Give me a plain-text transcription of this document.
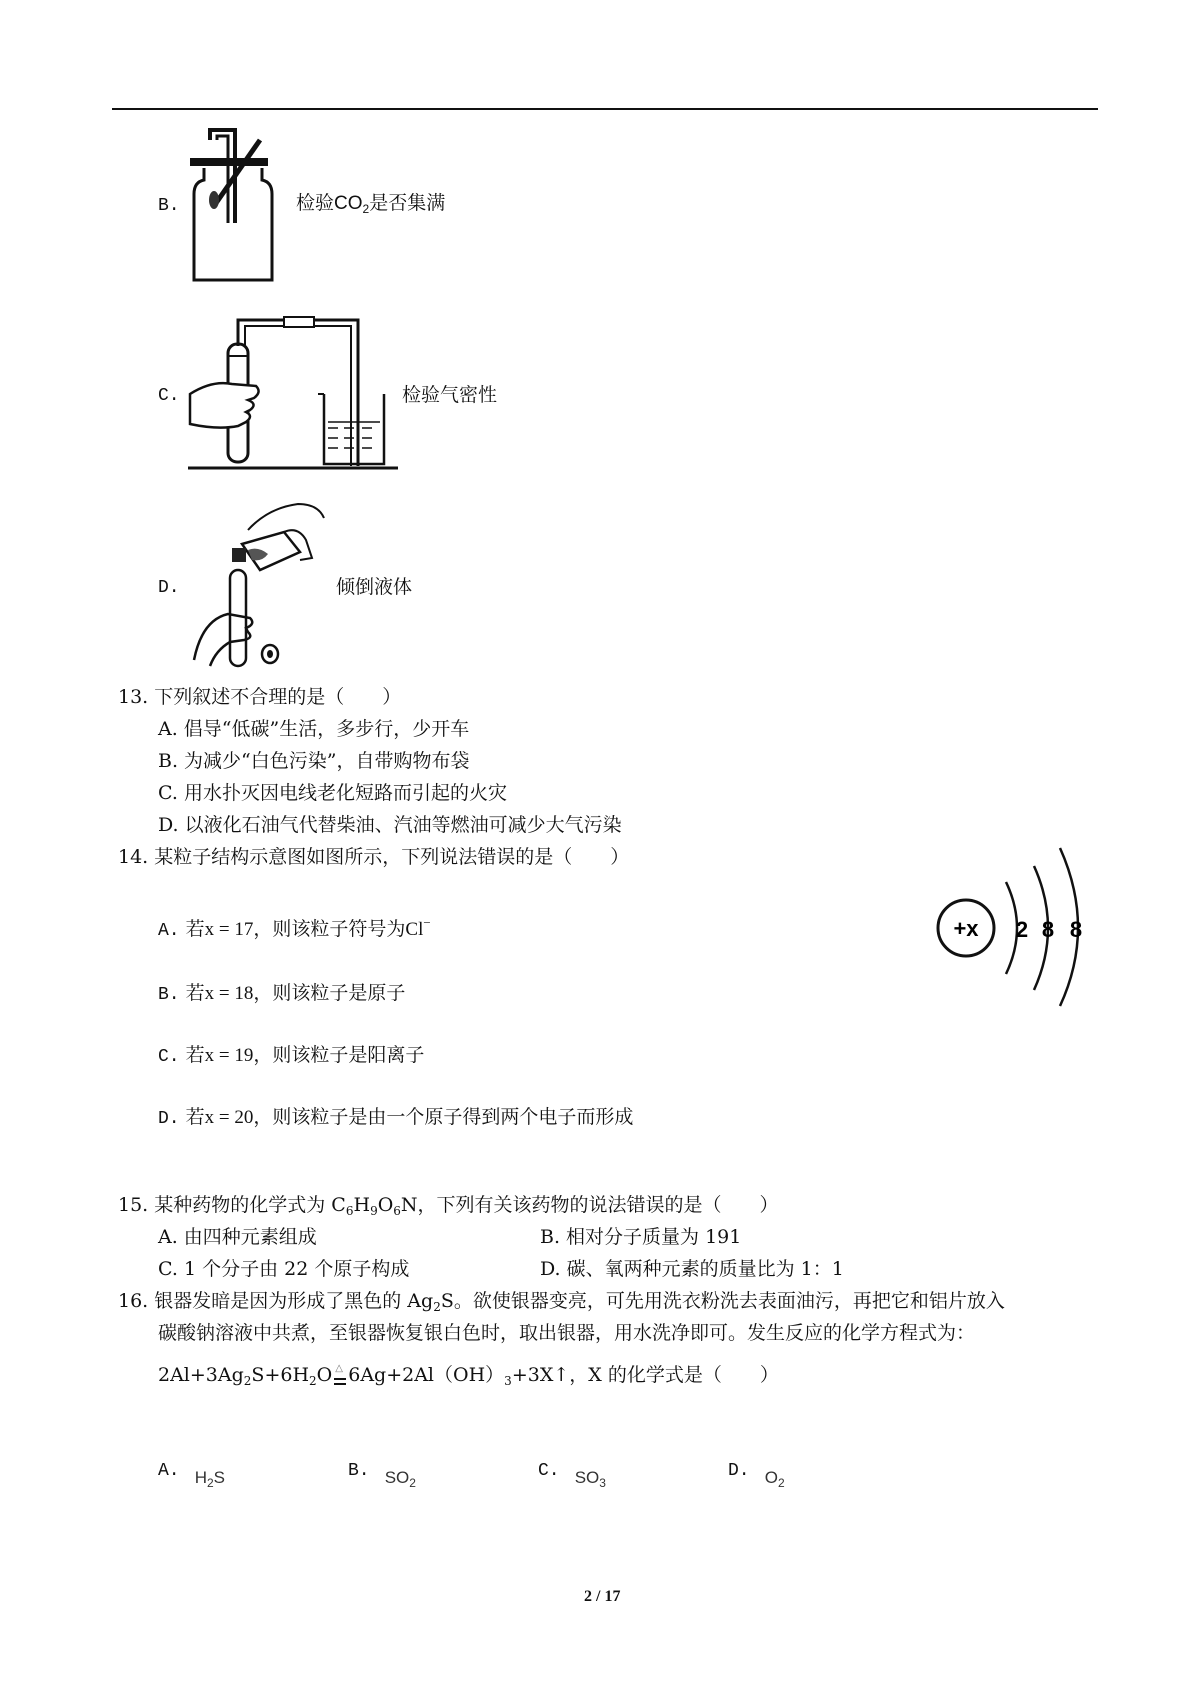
B.	检验$CO_2$是否集满
C.	检验气密性
D.	倾倒液体
13. 下列叙述不合理的是（　　）
A. 倡导“低碳”生活，多步行，少开车
B. 为减少“白色污染”，自带购物布袋
C. 用水扑灭因电线老化短路而引起的火灾
D. 以液化石油气代替柴油、汽油等燃油可减少大气污染
14. 某粒子结构示意图如图所示，下列说法错误的是（　　）
A. 若x = 17，则该粒子符号为Cl−
B. 若x = 18，则该粒子是原子
C. 若x = 19，则该粒子是阳离子
D. 若x = 20，则该粒子是由一个原子得到两个电子而形成
+x 2 8 8
15. 某种药物的化学式为 $C_6H_9O_6N$，下列有关该药物的说法错误的是（　　）
A. 由四种元素组成	B. 相对分子质量为 191
C. 1 个分子由 22 个原子构成	D. 碳、氧两种元素的质量比为 1：1
16. 银器发暗是因为形成了黑色的 $Ag_2S$。欲使银器变亮，可先用洗衣粉洗去表面油污，再把它和铝片放入
碳酸钠溶液中共煮，至银器恢复银白色时，取出银器，用水洗净即可。发生反应的化学方程式为：
$2Al+3Ag_2S+6H_2O$ △ $6Ag+2Al(OH)_3+3X↑$，X 的化学式是（　　）
A. $H_2S$	B. $SO_2$
C. $SO_3$
D. $O_2$
2 / 17
